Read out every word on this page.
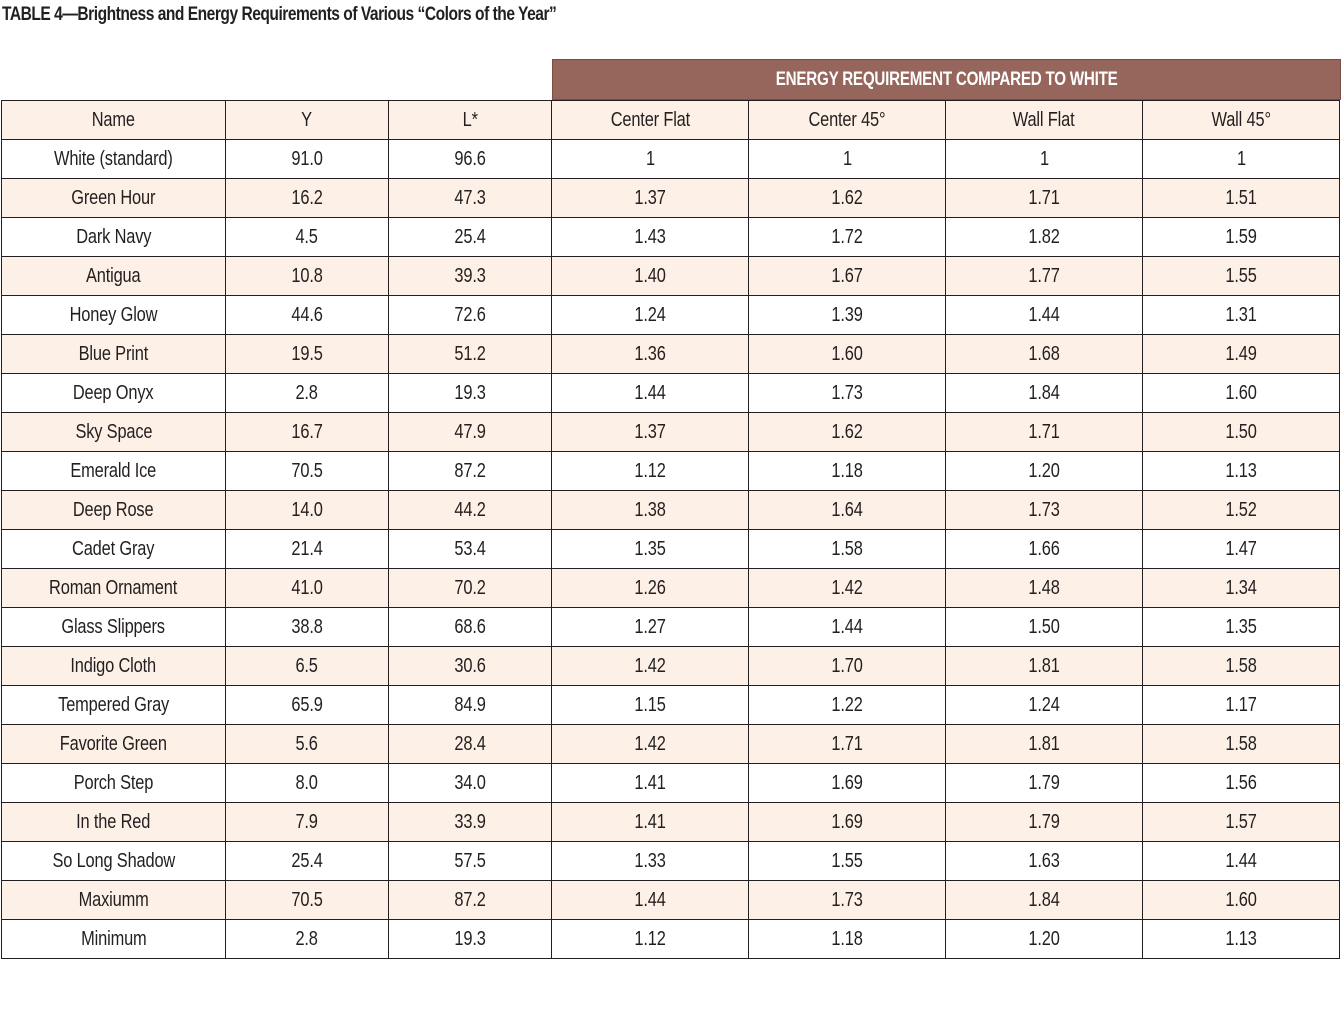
TABLE 4—Brightness and Energy Requirements of Various “Colors of the Year”
ENERGY REQUIREMENT COMPARED TO WHITE
Name	Y	L*	Center Flat	Center 45°	Wall Flat	Wall 45°
White (standard)	91.0	96.6	1	1	1	1
Green Hour	16.2	47.3	1.37	1.62	1.71	1.51
Dark Navy	4.5	25.4	1.43	1.72	1.82	1.59
Antigua	10.8	39.3	1.40	1.67	1.77	1.55
Honey Glow	44.6	72.6	1.24	1.39	1.44	1.31
Blue Print	19.5	51.2	1.36	1.60	1.68	1.49
Deep Onyx	2.8	19.3	1.44	1.73	1.84	1.60
Sky Space	16.7	47.9	1.37	1.62	1.71	1.50
Emerald Ice	70.5	87.2	1.12	1.18	1.20	1.13
Deep Rose	14.0	44.2	1.38	1.64	1.73	1.52
Cadet Gray	21.4	53.4	1.35	1.58	1.66	1.47
Roman Ornament	41.0	70.2	1.26	1.42	1.48	1.34
Glass Slippers	38.8	68.6	1.27	1.44	1.50	1.35
Indigo Cloth	6.5	30.6	1.42	1.70	1.81	1.58
Tempered Gray	65.9	84.9	1.15	1.22	1.24	1.17
Favorite Green	5.6	28.4	1.42	1.71	1.81	1.58
Porch Step	8.0	34.0	1.41	1.69	1.79	1.56
In the Red	7.9	33.9	1.41	1.69	1.79	1.57
So Long Shadow	25.4	57.5	1.33	1.55	1.63	1.44
Maxiumm	70.5	87.2	1.44	1.73	1.84	1.60
Minimum	2.8	19.3	1.12	1.18	1.20	1.13
